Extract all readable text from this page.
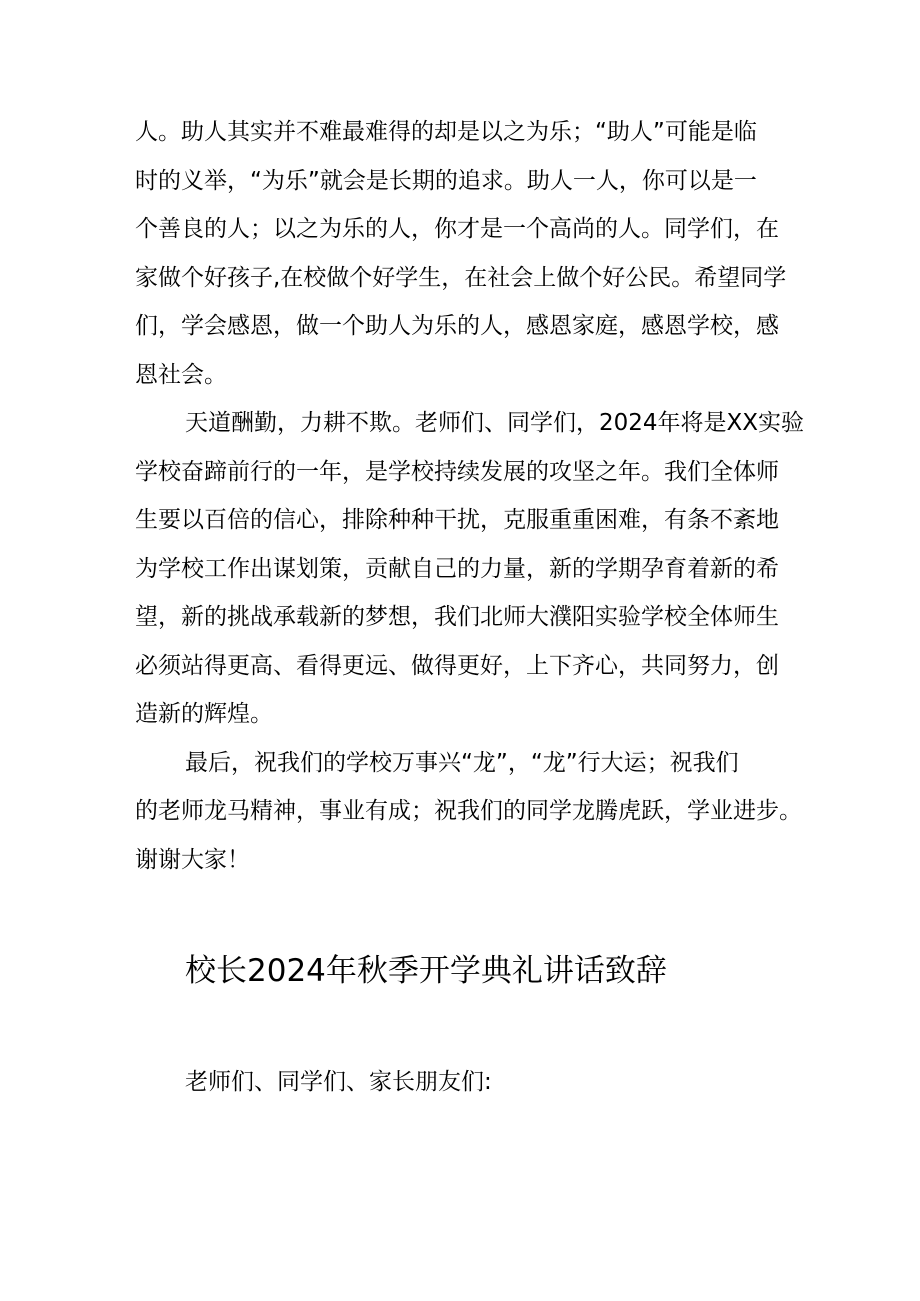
人。助人其实并不难最难得的却是以之为乐；“助人”可能是临
时的义举，“为乐”就会是长期的追求。助人一人，你可以是一
个善良的人；以之为乐的人，你才是一个高尚的人。同学们，在
家做个好孩子,在校做个好学生，在社会上做个好公民。希望同学
们，学会感恩，做一个助人为乐的人，感恩家庭，感恩学校，感
恩社会。
天道酬勤，力耕不欺。老师们、同学们，2024年将是XX实验
学校奋蹄前行的一年，是学校持续发展的攻坚之年。我们全体师
生要以百倍的信心，排除种种干扰，克服重重困难，有条不紊地
为学校工作出谋划策，贡献自己的力量，新的学期孕育着新的希
望，新的挑战承载新的梦想，我们北师大濮阳实验学校全体师生
必须站得更高、看得更远、做得更好，上下齐心，共同努力，创
造新的辉煌。
最后，祝我们的学校万事兴“龙”，“龙”行大运；祝我们
的老师龙马精神，事业有成；祝我们的同学龙腾虎跃，学业进步。
谢谢大家！
校长2024年秋季开学典礼讲话致辞
老师们、同学们、家长朋友们:
